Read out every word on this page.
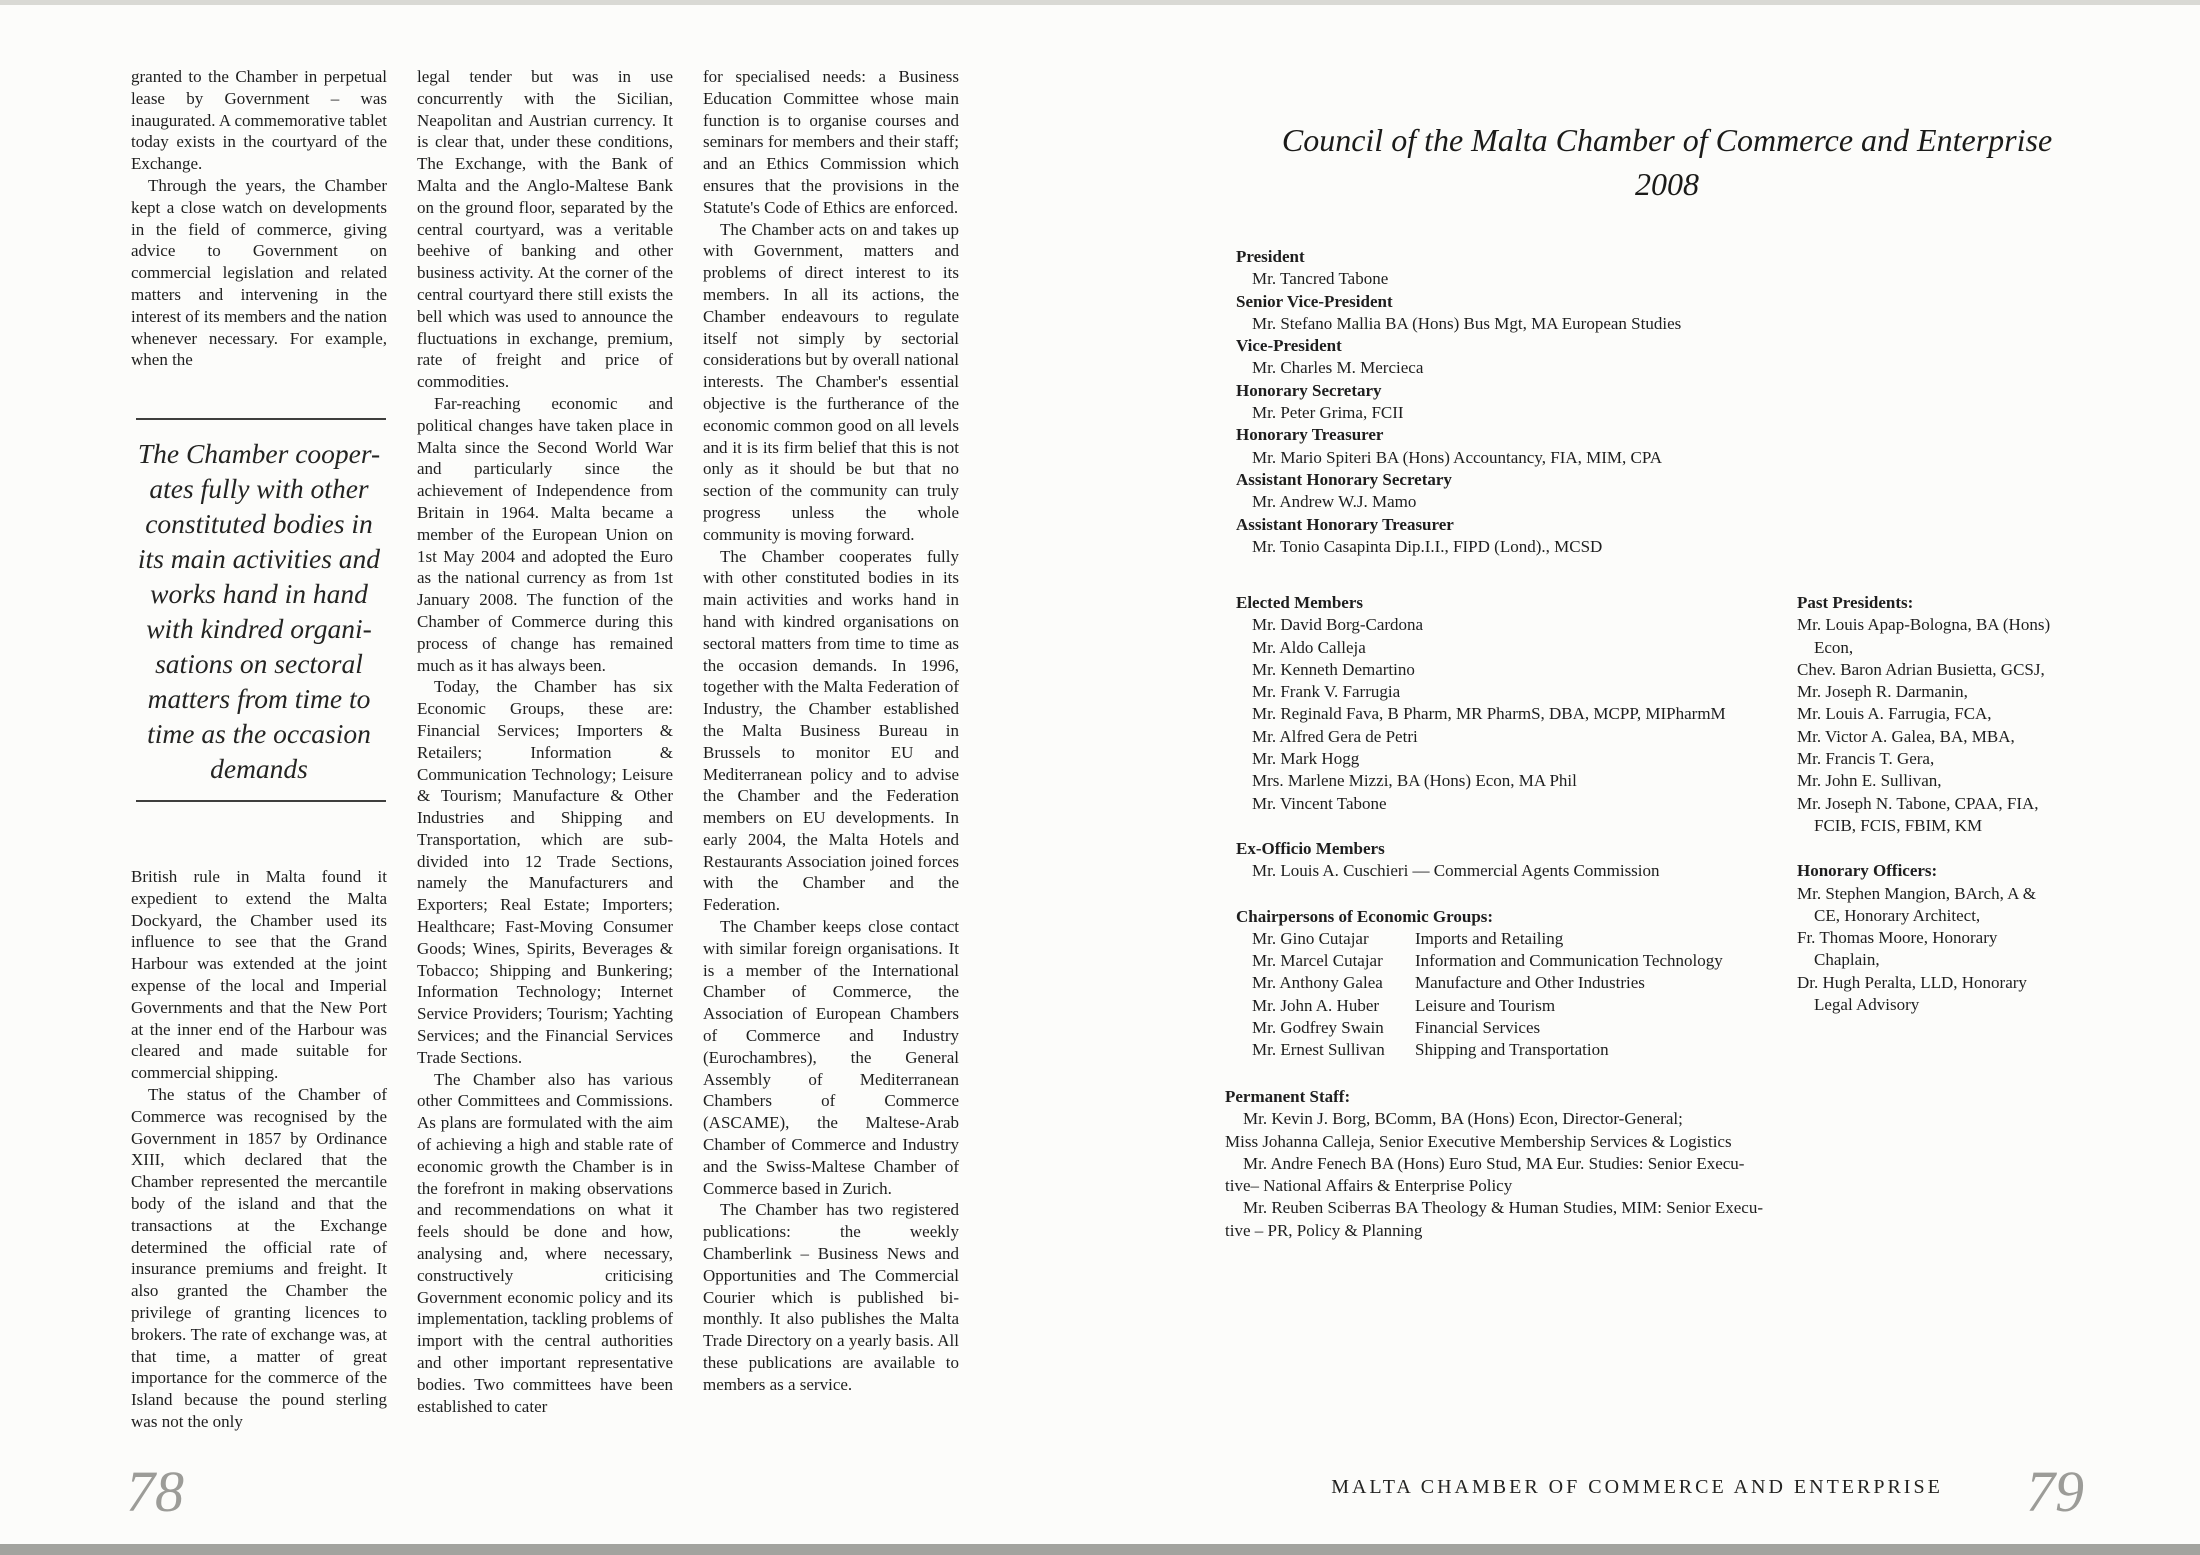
granted to the Chamber in perpetual lease by Government – was inaugurated. A commemorative tablet today exists in the courtyard of the Exchange.

Through the years, the Chamber kept a close watch on developments in the field of commerce, giving advice to Government on commercial legislation and related matters and intervening in the interest of its members and the nation whenever necessary. For example, when the

The Chamber cooper-
ates fully with other
constituted bodies in
its main activities and
works hand in hand
with kindred organi-
sations on sectoral
matters from time to
time as the occasion
demands

British rule in Malta found it expedient to extend the Malta Dockyard, the Chamber used its influence to see that the Grand Harbour was extended at the joint expense of the local and Imperial Governments and that the New Port at the inner end of the Harbour was cleared and made suitable for commercial shipping.

The status of the Chamber of Commerce was recognised by the Government in 1857 by Ordinance XIII, which declared that the Chamber represented the mercantile body of the island and that the transactions at the Exchange determined the official rate of insurance premiums and freight. It also granted the Chamber the privilege of granting licences to brokers. The rate of exchange was, at that time, a matter of great importance for the commerce of the Island because the pound sterling was not the only

legal tender but was in use concurrently with the Sicilian, Neapolitan and Austrian currency. It is clear that, under these conditions, The Exchange, with the Bank of Malta and the Anglo-Maltese Bank on the ground floor, separated by the central courtyard, was a veritable beehive of banking and other business activity. At the corner of the central courtyard there still exists the bell which was used to announce the fluctuations in exchange, premium, rate of freight and price of commodities.

Far-reaching economic and political changes have taken place in Malta since the Second World War and particularly since the achievement of Independence from Britain in 1964. Malta became a member of the European Union on 1st May 2004 and adopted the Euro as the national currency as from 1st January 2008. The function of the Chamber of Commerce during this process of change has remained much as it has always been.

Today, the Chamber has six Economic Groups, these are: Financial Services; Importers & Retailers; Information & Communication Technology; Leisure & Tourism; Manufacture & Other Industries and Shipping and Transportation, which are sub-divided into 12 Trade Sections, namely the Manufacturers and Exporters; Real Estate; Importers; Healthcare; Fast-Moving Consumer Goods; Wines, Spirits, Beverages & Tobacco; Shipping and Bunkering; Information Technology; Internet Service Providers; Tourism; Yachting Services; and the Financial Services Trade Sections.

The Chamber also has various other Committees and Commissions. As plans are formulated with the aim of achieving a high and stable rate of economic growth the Chamber is in the forefront in making observations and recommendations on what it feels should be done and how, analysing and, where necessary, constructively criticising Government economic policy and its implementation, tackling problems of import with the central authorities and other important representative bodies. Two committees have been established to cater

for specialised needs: a Business Education Committee whose main function is to organise courses and seminars for members and their staff; and an Ethics Commission which ensures that the provisions in the Statute's Code of Ethics are enforced.

The Chamber acts on and takes up with Government, matters and problems of direct interest to its members. In all its actions, the Chamber endeavours to regulate itself not simply by sectorial considerations but by overall national interests. The Chamber's essential objective is the furtherance of the economic common good on all levels and it is its firm belief that this is not only as it should be but that no section of the community can truly progress unless the whole community is moving forward.

The Chamber cooperates fully with other constituted bodies in its main activities and works hand in hand with kindred organisations on sectoral matters from time to time as the occasion demands. In 1996, together with the Malta Federation of Industry, the Chamber established the Malta Business Bureau in Brussels to monitor EU and Mediterranean policy and to advise the Chamber and the Federation members on EU developments. In early 2004, the Malta Hotels and Restaurants Association joined forces with the Chamber and the Federation.

The Chamber keeps close contact with similar foreign organisations. It is a member of the International Chamber of Commerce, the Association of European Chambers of Commerce and Industry (Eurochambres), the General Assembly of Mediterranean Chambers of Commerce (ASCAME), the Maltese-Arab Chamber of Commerce and Industry and the Swiss-Maltese Chamber of Commerce based in Zurich.

The Chamber has two registered publications: the weekly Chamberlink – Business News and Opportunities and The Commercial Courier which is published bi-monthly. It also publishes the Malta Trade Directory on a yearly basis. All these publications are available to members as a service.

78
Council of the Malta Chamber of Commerce and Enterprise
2008
President
Mr. Tancred Tabone
Senior Vice-President
Mr. Stefano Mallia BA (Hons) Bus Mgt, MA European Studies
Vice-President
Mr. Charles M. Mercieca
Honorary Secretary
Mr. Peter Grima, FCII
Honorary Treasurer
Mr. Mario Spiteri BA (Hons) Accountancy, FIA, MIM, CPA
Assistant Honorary Secretary
Mr. Andrew W.J. Mamo
Assistant Honorary Treasurer
Mr. Tonio Casapinta Dip.I.I., FIPD (Lond)., MCSD
Elected Members
Mr. David Borg-Cardona
Mr. Aldo Calleja
Mr. Kenneth Demartino
Mr. Frank V. Farrugia
Mr. Reginald Fava, B Pharm, MR PharmS, DBA, MCPP, MIPharmM
Mr. Alfred Gera de Petri
Mr. Mark Hogg
Mrs. Marlene Mizzi, BA (Hons) Econ, MA Phil
Mr. Vincent Tabone
Ex-Officio Members
Mr. Louis A. Cuschieri — Commercial Agents Commission
Chairpersons of Economic Groups:
Mr. Gino Cutajar	Imports and Retailing
Mr. Marcel Cutajar Information and Communication Technology
Mr. Anthony Galea Manufacture and Other Industries
Mr. John A. Huber Leisure and Tourism
Mr. Godfrey Swain Financial Services
Mr. Ernest Sullivan Shipping and Transportation
Past Presidents:
Mr. Louis Apap-Bologna, BA (Hons) Econ,
Chev. Baron Adrian Busietta, GCSJ,
Mr. Joseph R. Darmanin,
Mr. Louis A. Farrugia, FCA,
Mr. Victor A. Galea, BA, MBA,
Mr. Francis T. Gera,
Mr. John E. Sullivan,
Mr. Joseph N. Tabone, CPAA, FIA, FCIB, FCIS, FBIM, KM
Honorary Officers:
Mr. Stephen Mangion, BArch, A & CE, Honorary Architect,
Fr. Thomas Moore, Honorary Chaplain,
Dr. Hugh Peralta, LLD, Honorary Legal Advisory
Permanent Staff:
Mr. Kevin J. Borg, BComm, BA (Hons) Econ, Director-General;
Miss Johanna Calleja, Senior Executive Membership Services & Logistics
Mr. Andre Fenech BA (Hons) Euro Stud, MA Eur. Studies: Senior Execu-
tive– National Affairs & Enterprise Policy
Mr. Reuben Sciberras BA Theology & Human Studies, MIM: Senior Execu-
tive – PR, Policy & Planning
MALTA CHAMBER OF COMMERCE AND ENTERPRISE	79
